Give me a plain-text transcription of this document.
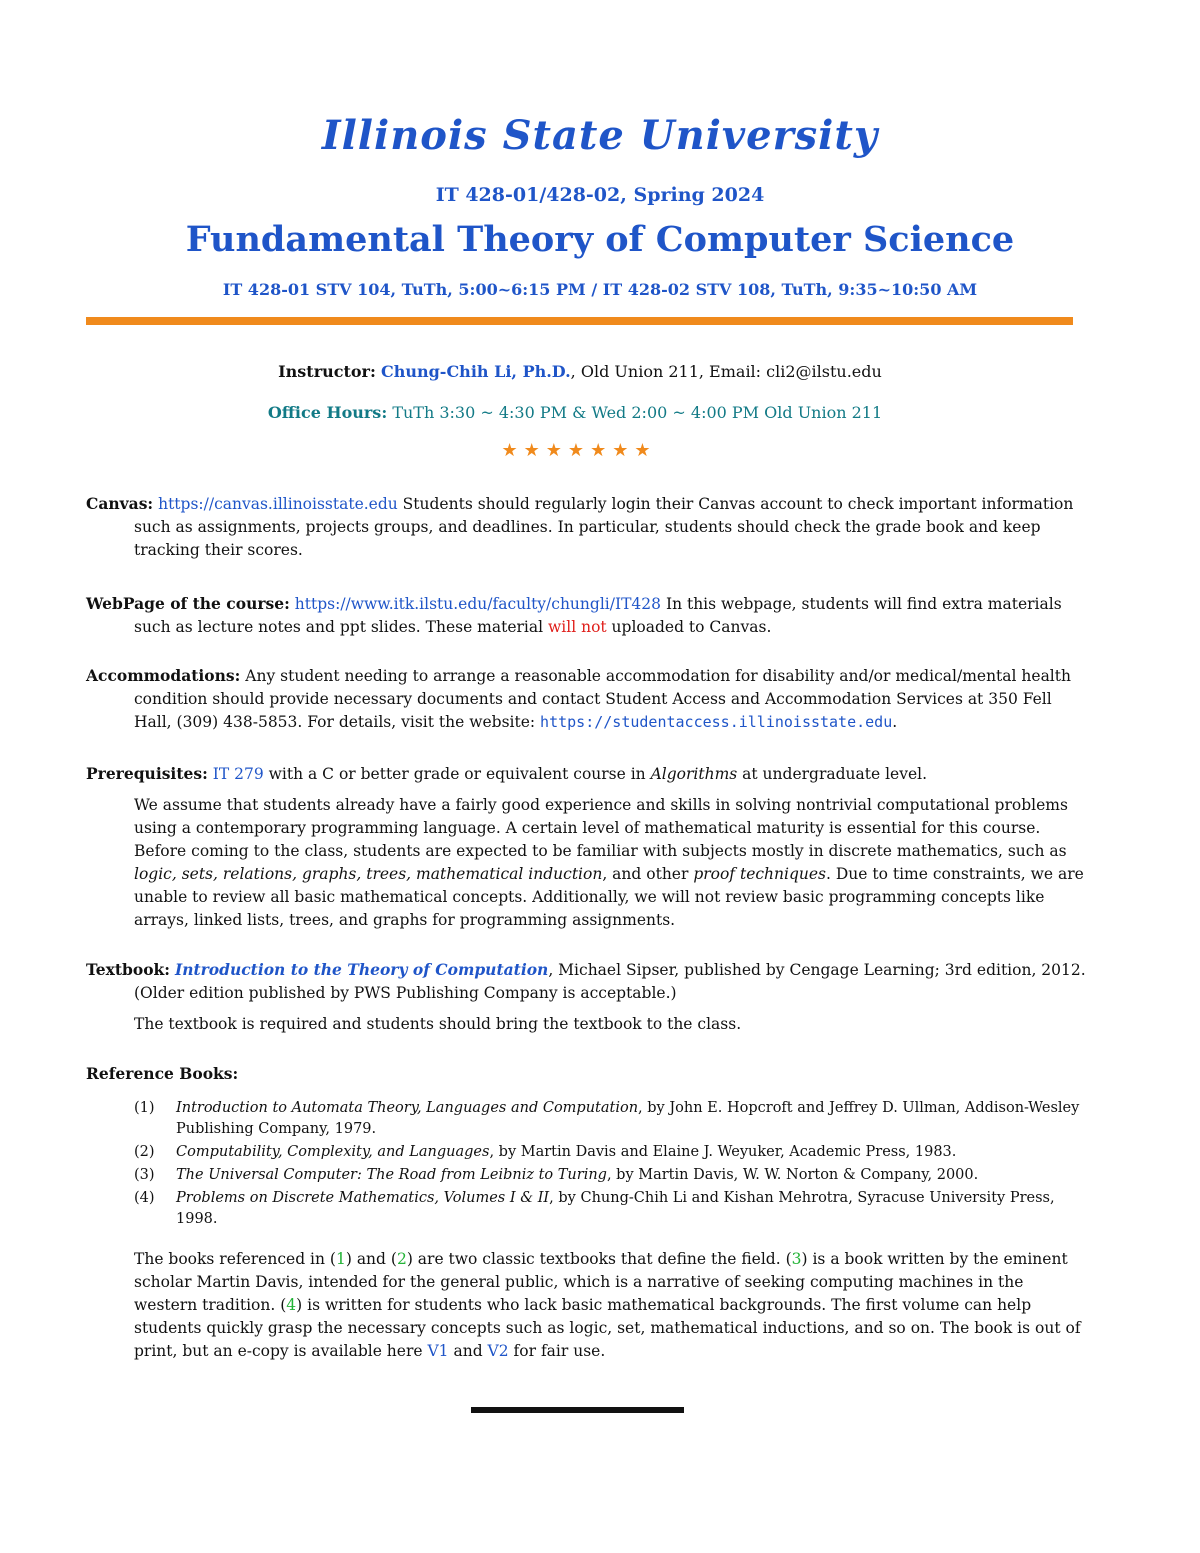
Illinois State University
IT 428-01/428-02, Spring 2024
Fundamental Theory of Computer Science
IT 428-01 STV 104, TuTh, 5:00~6:15 PM / IT 428-02 STV 108, TuTh, 9:35~10:50 AM
Instructor: Chung-Chih Li, Ph.D., Old Union 211, Email: cli2@ilstu.edu
Office Hours: TuTh 3:30 ~ 4:30 PM & Wed 2:00 ~ 4:00 PM Old Union 211
★★★★★★★

Canvas: https://canvas.illinoisstate.edu Students should regularly login their Canvas account to check important information such as assignments, projects groups, and deadlines. In particular, students should check the grade book and keep tracking their scores.

WebPage of the course: https://www.itk.ilstu.edu/faculty/chungli/IT428 In this webpage, students will find extra materials such as lecture notes and ppt slides. These material will not uploaded to Canvas.

Accommodations: Any student needing to arrange a reasonable accommodation for disability and/or medical/mental health condition should provide necessary documents and contact Student Access and Accommodation Services at 350 Fell Hall, (309) 438-5853. For details, visit the website: https://studentaccess.illinoisstate.edu.

Prerequisites: IT 279 with a C or better grade or equivalent course in Algorithms at undergraduate level.

We assume that students already have a fairly good experience and skills in solving nontrivial computational problems using a contemporary programming language. A certain level of mathematical maturity is essential for this course. Before coming to the class, students are expected to be familiar with subjects mostly in discrete mathematics, such as logic, sets, relations, graphs, trees, mathematical induction, and other proof techniques. Due to time constraints, we are unable to review all basic mathematical concepts. Additionally, we will not review basic programming concepts like arrays, linked lists, trees, and graphs for programming assignments.

Textbook: Introduction to the Theory of Computation, Michael Sipser, published by Cengage Learning; 3rd edition, 2012. (Older edition published by PWS Publishing Company is acceptable.)

The textbook is required and students should bring the textbook to the class.

Reference Books:

(1)	Introduction to Automata Theory, Languages and Computation, by John E. Hopcroft and Jeffrey D. Ullman, Addison-Wesley Publishing Company, 1979.
(2)	Computability, Complexity, and Languages, by Martin Davis and Elaine J. Weyuker, Academic Press, 1983.
(3)	The Universal Computer: The Road from Leibniz to Turing, by Martin Davis, W. W. Norton & Company, 2000.
(4)	Problems on Discrete Mathematics, Volumes I & II, by Chung-Chih Li and Kishan Mehrotra, Syracuse University Press, 1998.

The books referenced in (1) and (2) are two classic textbooks that define the field. (3) is a book written by the eminent scholar Martin Davis, intended for the general public, which is a narrative of seeking computing machines in the western tradition. (4) is written for students who lack basic mathematical backgrounds. The first volume can help students quickly grasp the necessary concepts such as logic, set, mathematical inductions, and so on. The book is out of print, but an e-copy is available here V1 and V2 for fair use.
